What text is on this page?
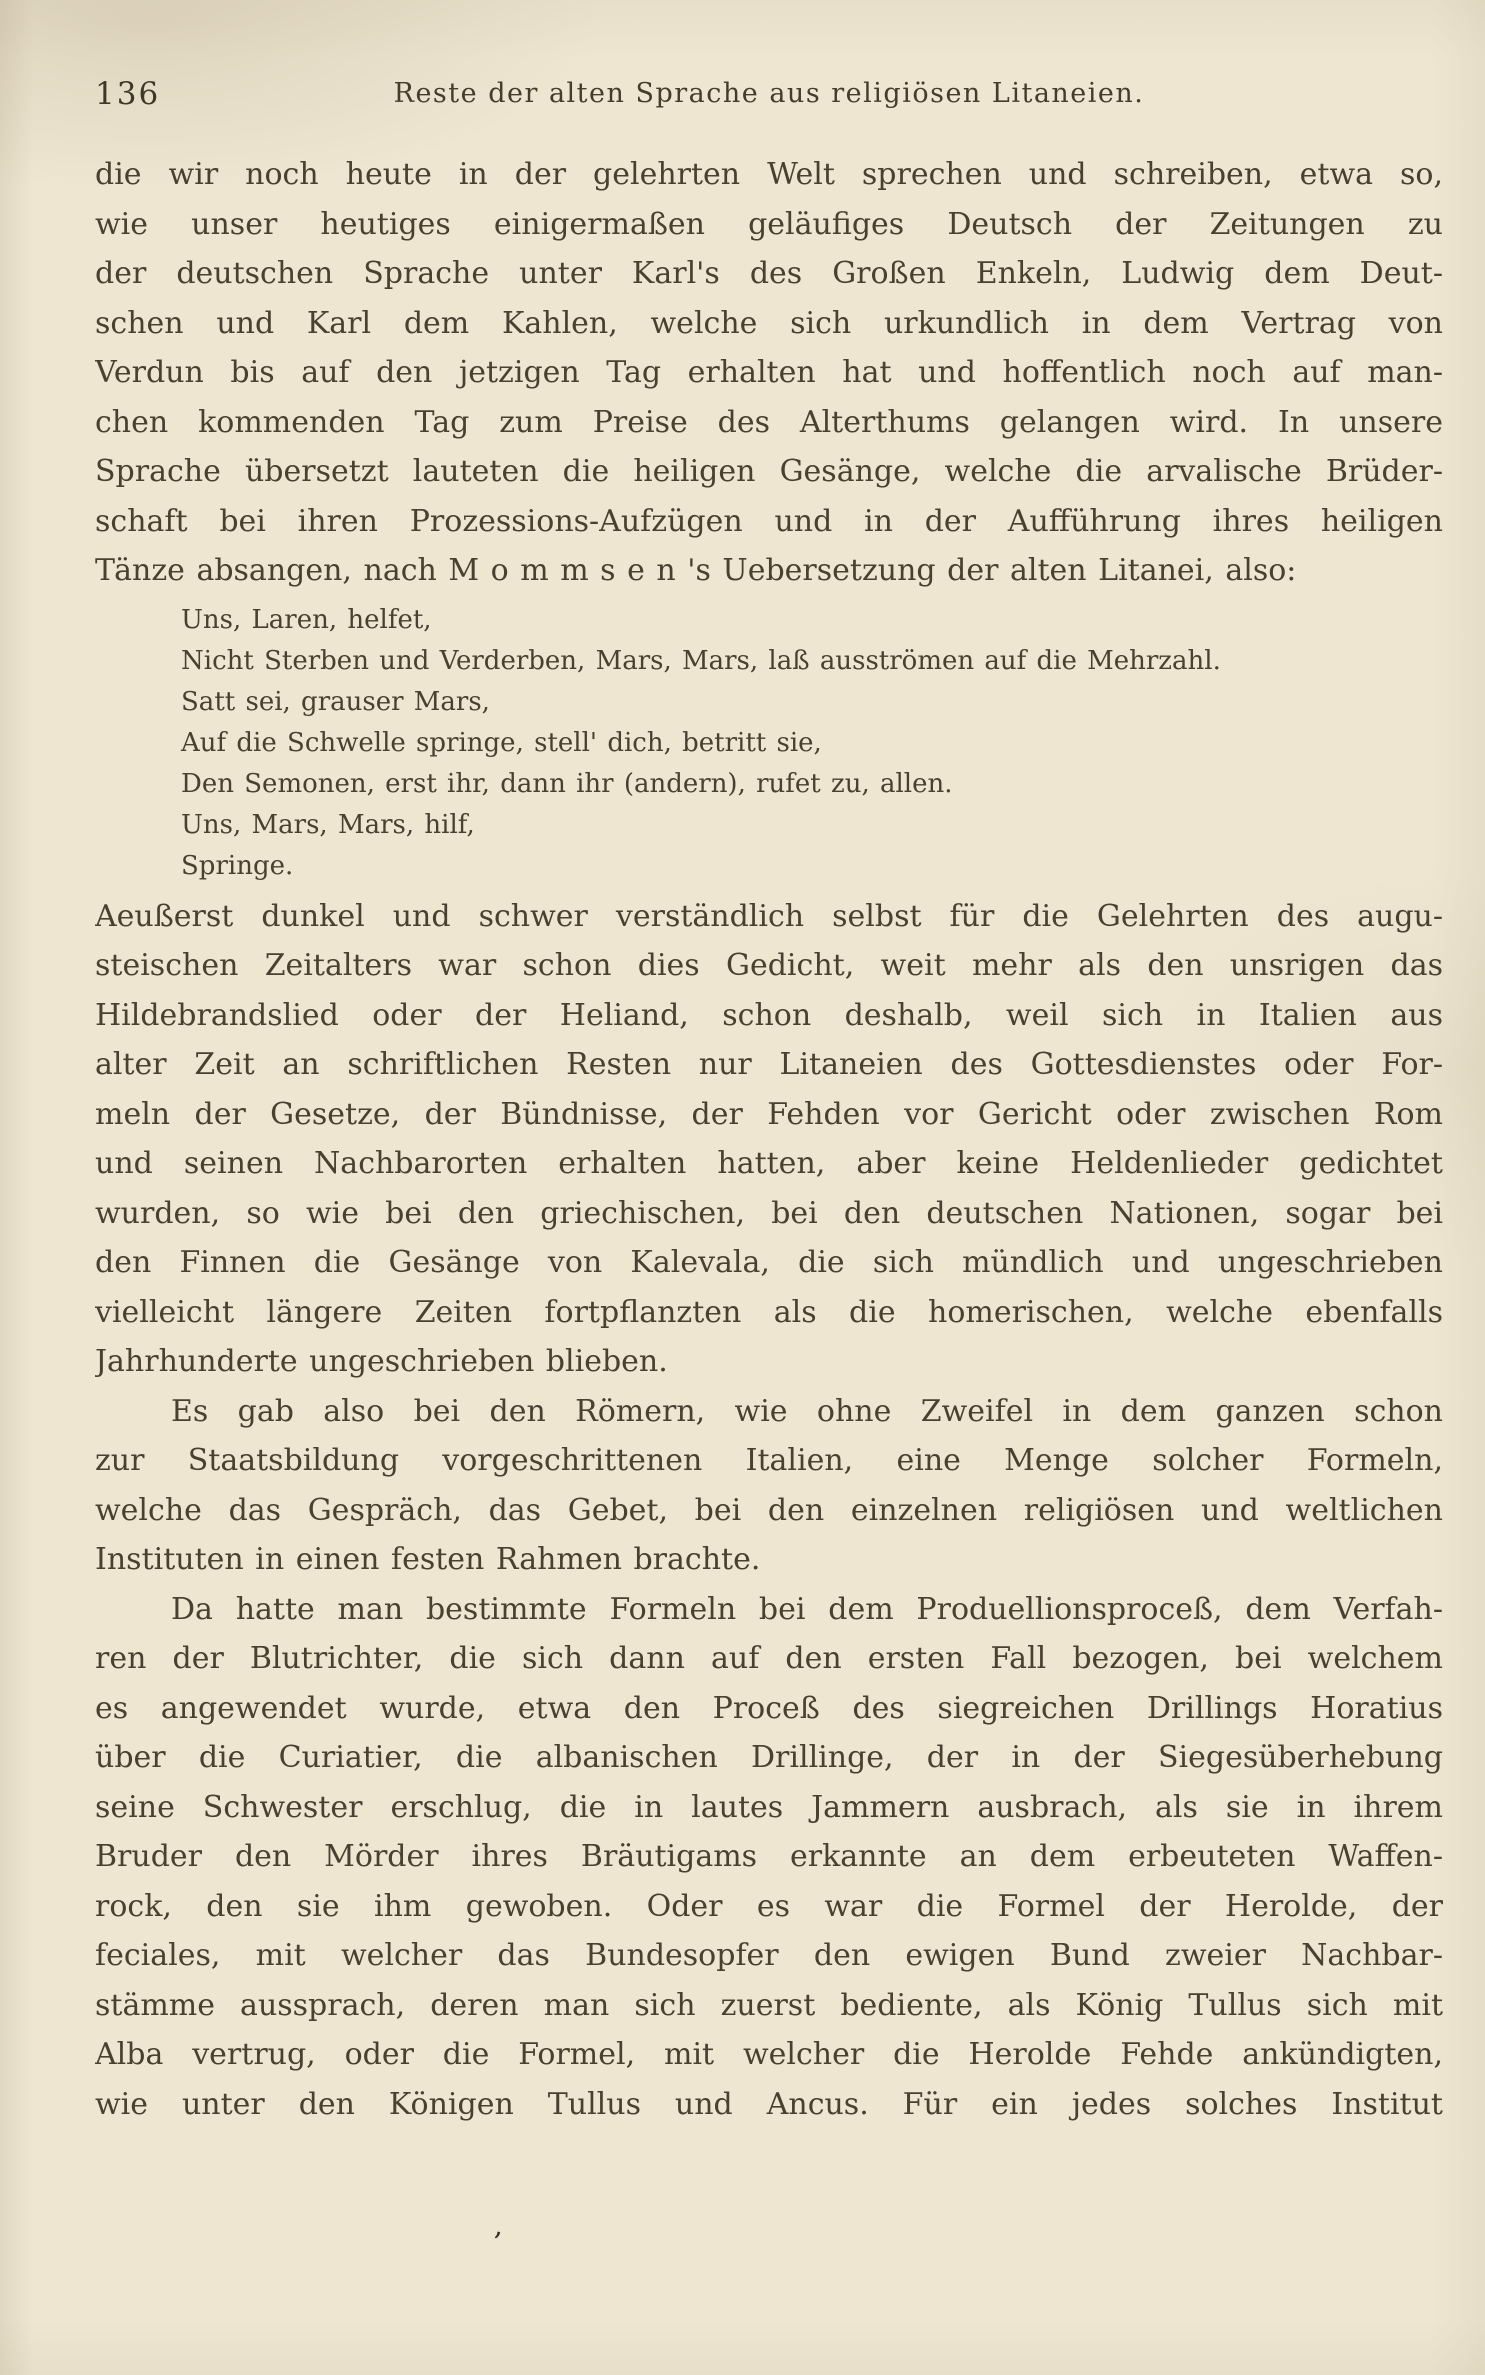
136	Reste der alten Sprache aus religiösen Litaneien.
die wir noch heute in der gelehrten Welt sprechen und schreiben, etwa so,
wie unser heutiges einigermaßen geläufiges Deutsch der Zeitungen zu
der deutschen Sprache unter Karl's des Großen Enkeln, Ludwig dem Deut-
schen und Karl dem Kahlen, welche sich urkundlich in dem Vertrag von
Verdun bis auf den jetzigen Tag erhalten hat und hoffentlich noch auf man-
chen kommenden Tag zum Preise des Alterthums gelangen wird. In unsere
Sprache übersetzt lauteten die heiligen Gesänge, welche die arvalische Brüder-
schaft bei ihren Prozessions-Aufzügen und in der Aufführung ihres heiligen
Tänze absangen, nach M o m m s e n 's Uebersetzung der alten Litanei, also:
Uns, Laren, helfet,
Nicht Sterben und Verderben, Mars, Mars, laß ausströmen auf die Mehrzahl.
Satt sei, grauser Mars,
Auf die Schwelle springe, stell' dich, betritt sie,
Den Semonen, erst ihr, dann ihr (andern), rufet zu, allen.
Uns, Mars, Mars, hilf,
Springe.
Aeußerst dunkel und schwer verständlich selbst für die Gelehrten des augu-
steischen Zeitalters war schon dies Gedicht, weit mehr als den unsrigen das
Hildebrandslied oder der Heliand, schon deshalb, weil sich in Italien aus
alter Zeit an schriftlichen Resten nur Litaneien des Gottesdienstes oder For-
meln der Gesetze, der Bündnisse, der Fehden vor Gericht oder zwischen Rom
und seinen Nachbarorten erhalten hatten, aber keine Heldenlieder gedichtet
wurden, so wie bei den griechischen, bei den deutschen Nationen, sogar bei
den Finnen die Gesänge von Kalevala, die sich mündlich und ungeschrieben
vielleicht längere Zeiten fortpflanzten als die homerischen, welche ebenfalls
Jahrhunderte ungeschrieben blieben.
Es gab also bei den Römern, wie ohne Zweifel in dem ganzen schon
zur Staatsbildung vorgeschrittenen Italien, eine Menge solcher Formeln,
welche das Gespräch, das Gebet, bei den einzelnen religiösen und weltlichen
Instituten in einen festen Rahmen brachte.
Da hatte man bestimmte Formeln bei dem Produellionsproceß, dem Verfah-
ren der Blutrichter, die sich dann auf den ersten Fall bezogen, bei welchem
es angewendet wurde, etwa den Proceß des siegreichen Drillings Horatius
über die Curiatier, die albanischen Drillinge, der in der Siegesüberhebung
seine Schwester erschlug, die in lautes Jammern ausbrach, als sie in ihrem
Bruder den Mörder ihres Bräutigams erkannte an dem erbeuteten Waffen-
rock, den sie ihm gewoben. Oder es war die Formel der Herolde, der
feciales, mit welcher das Bundesopfer den ewigen Bund zweier Nachbar-
stämme aussprach, deren man sich zuerst bediente, als König Tullus sich mit
Alba vertrug, oder die Formel, mit welcher die Herolde Fehde ankündigten,
wie unter den Königen Tullus und Ancus. Für ein jedes solches Institut
’
